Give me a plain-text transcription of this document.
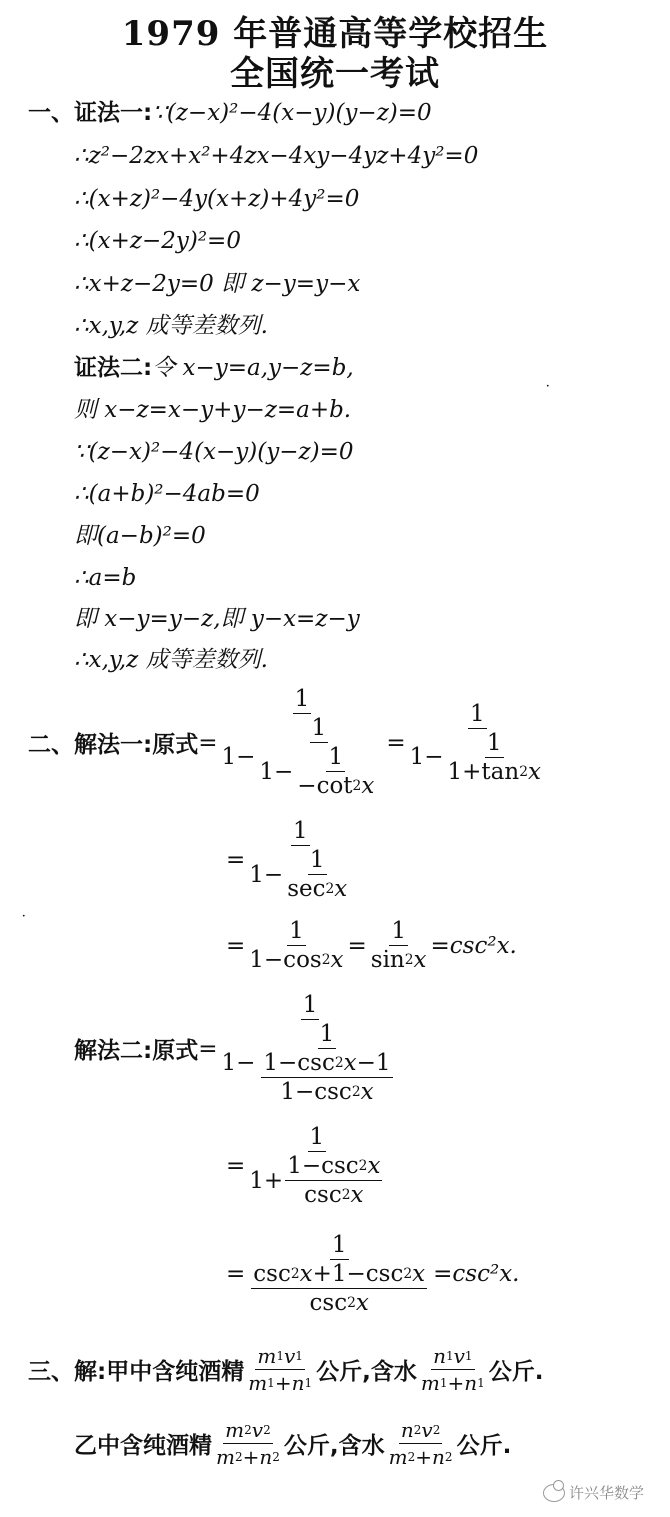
1979 年普通高等学校招生
全国统一考试
一、证法一:∵(z−x)²−4(x−y)(y−z)=0
∴z²−2zx+x²+4zx−4xy−4yz+4y²=0
∴(x+z)²−4y(x+z)+4y²=0
∴(x+z−2y)²=0
∴x+z−2y=0 即 z−y=y−x
∴x,y,z 成等差数列.
证法二:令 x−y=a,y−z=b,
则 x−z=x−y+y−z=a+b.
∵(z−x)²−4(x−y)(y−z)=0
∴(a+b)²−4ab=0
即(a−b)²=0
∴a=b
即 x−y=y−z,即 y−x=z−y
∴x,y,z 成等差数列.
•
二、解法一: 原式 = $\frac{1}{1- \frac{1}{1- \frac{1}{-\cot 2 x}}} = \frac{1}{1- \frac{1}{1+\tan 2 x}}$
= $\frac{1}{1- \frac{1}{\sec 2 x}}$
= $\frac{1}{1-\cos 2 x} = \frac{1}{\sin 2 x} = \csc^2x$.
•
解法二: 原式 = $\frac{1}{1- \frac{1}{\frac{1-\csc 2 x -1}{1-\csc 2 x}}}$
= $\frac{1}{1+ \frac{1-\csc 2 x}{\csc 2 x}}$
= $\frac{1}{\frac{\csc 2 x +1-\csc 2 x}{\csc 2 x}} = \csc^2x$.
三、解: 甲中含纯酒精 $\frac{m 1 v 1}{m 1 + n 1}$ 公斤,含水 $\frac{n 1 v 1}{m 1 + n 1}$ 公斤.
乙中含纯酒精 $\frac{m 2 v 2}{m 2 + n 2}$ 公斤,含水 $\frac{n 2 v 2}{m 2 + n 2}$ 公斤.
许兴华数学
